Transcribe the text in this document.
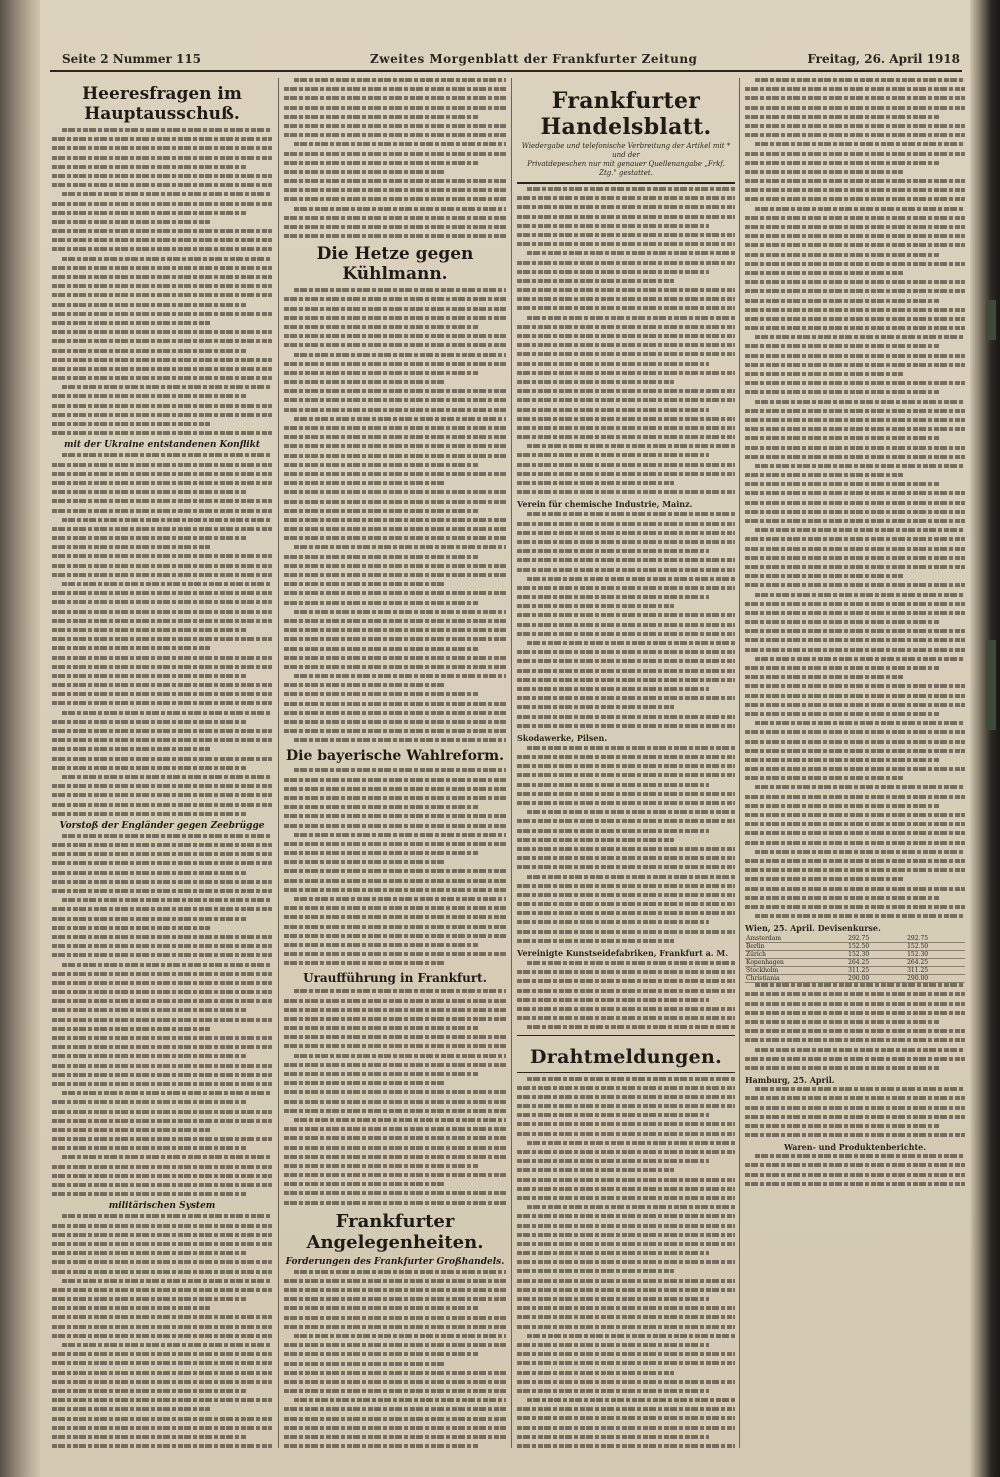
Seite 2 Nummer 115	Zweites Morgenblatt der Frankfurter Zeitung	Freitag, 26. April 1918
Heeresfragen im Hauptausschuß.
mit der Ukraine entstandenen Konflikt
Vorstoß der Engländer gegen Zeebrügge
militärischen System
Die Hetze gegen Kühlmann.
Die bayerische Wahlreform.
Uraufführung in Frankfurt.
Frankfurter Angelegenheiten.
Forderungen des Frankfurter Großhandels.
Frankfurter Handelsblatt.
Wiedergabe und telefonische Verbreitung der Artikel mit * und der
Privatdepeschen nur mit genauer Quellenangabe „Frkf. Ztg." gestattet.
Verein für chemische Industrie, Mainz.
Skodawerke, Pilsen.
Vereinigte Kunstseidefabriken, Frankfurt a. M.
Drahtmeldungen.
Wien, 25. April. Devisenkurse.
Amsterdam	292.75	292.75
Berlin	152.50	152.50
Zürich	152.30	152.30
Kopenhagen	264.25	264.25
Stockholm	311.25	311.25
Christiania	290.00	290.00
Hamburg, 25. April.
Waren- und Produktenberichte.
